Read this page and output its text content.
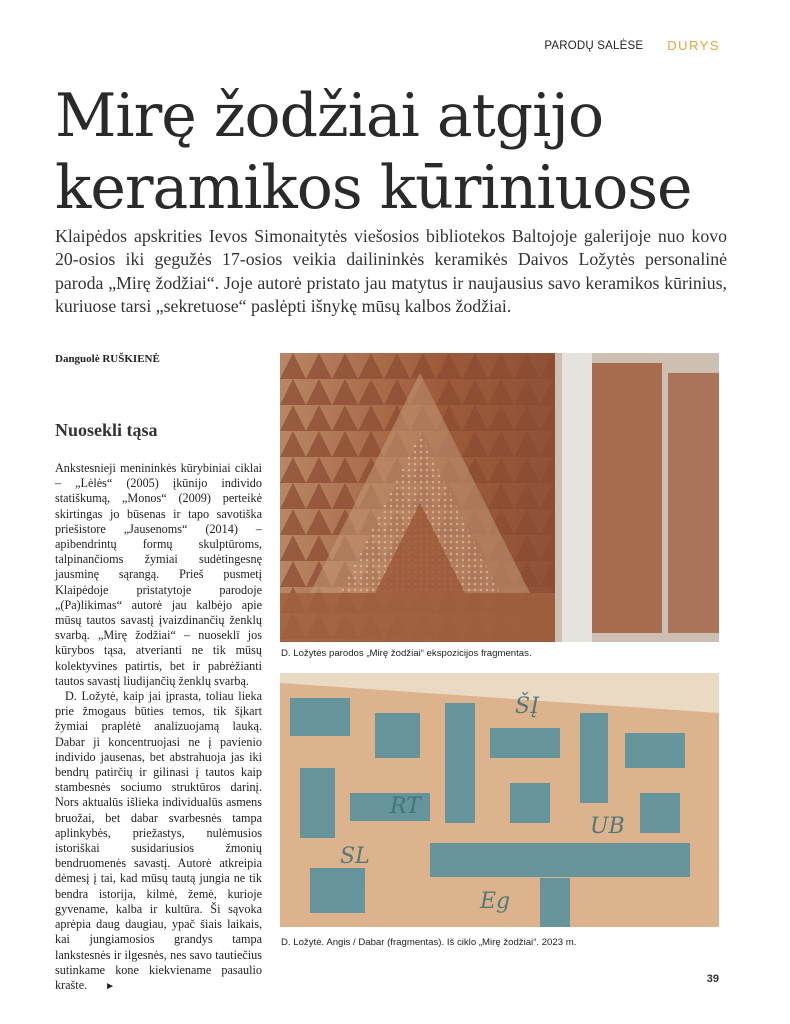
PARODŲ SALĖSE DURYS
Mirę žodžiai atgijo keramikos kūriniuose

Klaipėdos apskrities Ievos Simonaitytės viešosios bibliotekos Baltojoje galerijoje nuo kovo 20-osios iki gegužės 17-osios veikia dailininkės keramikės Daivos Ložytės personalinė paroda „Mirę žodžiai“. Joje autorė pristato jau matytus ir naujausius savo keramikos kūrinius, kuriuose tarsi „sekretuose“ paslėpti išnykę mūsų kalbos žodžiai.

Danguolė RUŠKIENĖ
Nuosekli tąsa

Ankstesnieji menininkės kūrybiniai ciklai – „Lėlės“ (2005) įkūnijo individo statiškumą, „Monos“ (2009) perteikė skirtingas jo būsenas ir tapo savotiška priešistore „Jausenoms“ (2014) – apibendrintų formų skulptūroms, talpinančioms žymiai sudėtingesnę jausminę sąrangą. Prieš pusmetį Klaipėdoje pristatytoje parodoje „(Pa)likimas“ autorė jau kalbėjo apie mūsų tautos savastį įvaizdinančių ženklų svarbą. „Mirę žodžiai“ – nuoseklī jos kūrybos tąsa, atverianti ne tik mūsų kolektyvines patirtis, bet ir pabrėžianti tautos savastį liudijančių ženklų svarbą.

D. Ložytė, kaip jai įprasta, toliau lieka prie žmogaus būties temos, tik šįkart žymiai praplėtė analizuojamą lauką. Dabar ji koncentruojasi ne į pavienio individo jausenas, bet abstrahuoja jas iki bendrų patirčių ir gilinasi į tautos kaip stambesnės sociumo struktūros darinį. Nors aktualūs išlieka individualūs asmens bruožai, bet dabar svarbesnės tampa aplinkybės, priežastys, nulėmusios istoriškai susidariusios žmonių bendruomenės savastį. Autorė atkreipia dėmesį į tai, kad mūsų tautą jungia ne tik bendra istorija, kilmė, žemė, kurioje gyvename, kalba ir kultūra. Ši sąvoka aprėpia daug daugiau, ypač šiais laikais, kai jungiamosios grandys tampa lankstesnės ir ilgesnės, nes savo tautiečius sutinkame kone kiekviename pasaulio krašte. ►

D. Ložytės parodos „Mirę žodžiai“ ekspozicijos fragmentas.
ŠĮ
RT
UB
SL
Eg
D. Ložytė. Angis / Dabar (fragmentas). Iš ciklo „Mirę žodžiai“. 2023 m.
39
